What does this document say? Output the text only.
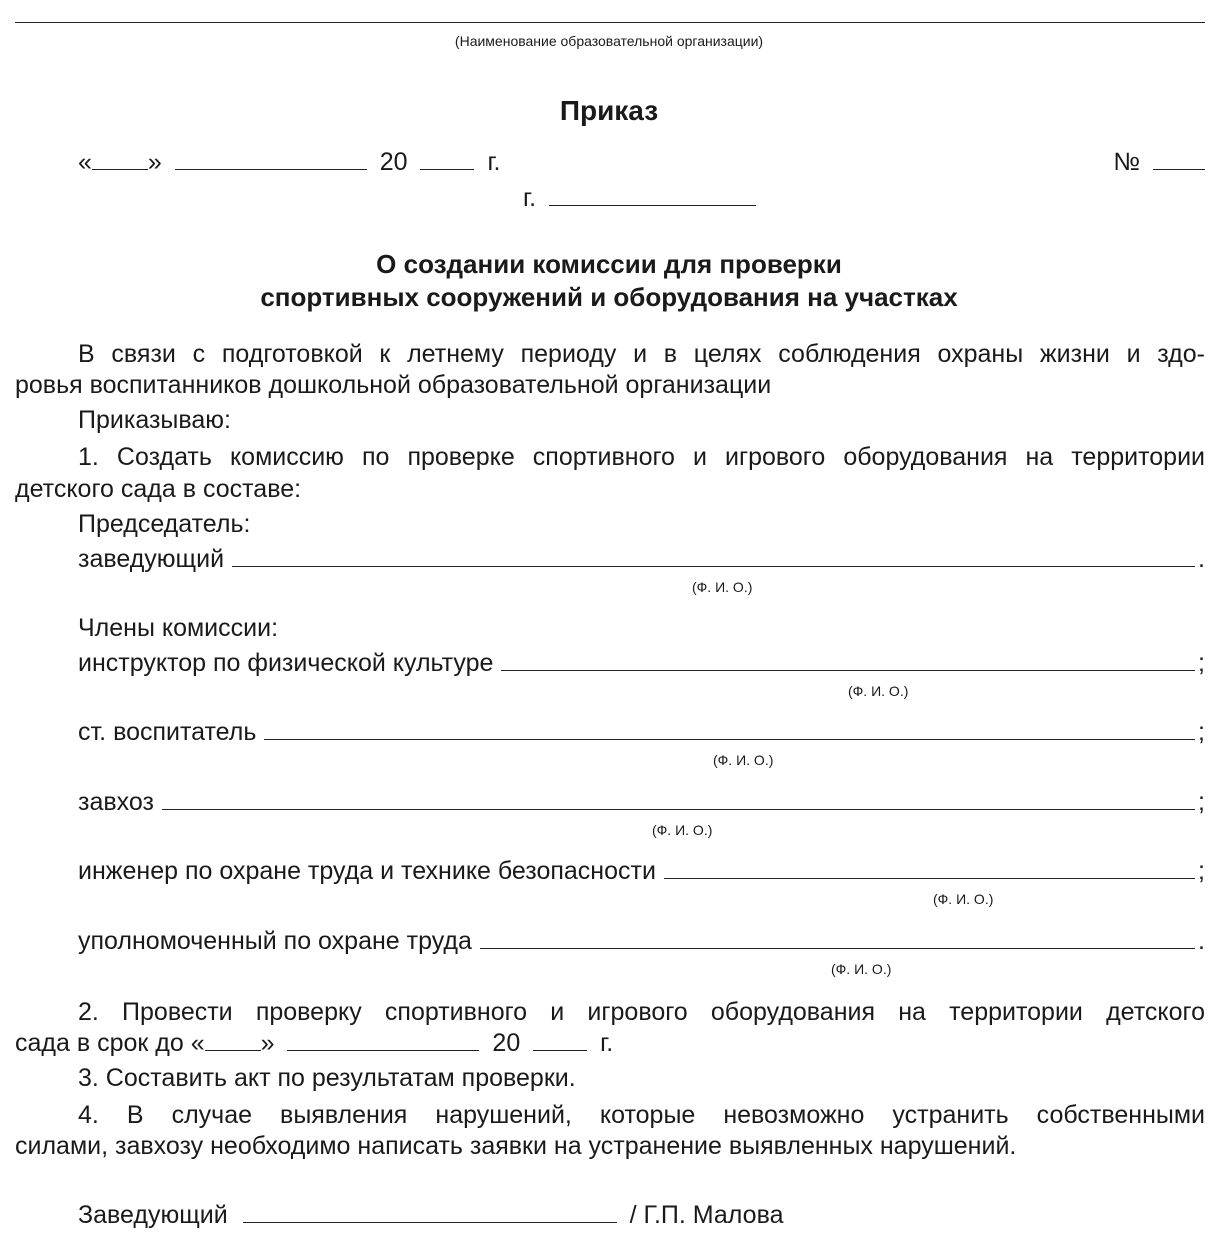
(Наименование образовательной организации)
Приказ
« »	20	г.	№
г.
О создании комиссии для проверки
спортивных сооружений и оборудования на участках
В связи с подготовкой к летнему периоду и в целях соблюдения охраны жизни и здо-
ровья воспитанников дошкольной образовательной организации
Приказываю:
1. Создать комиссию по проверке спортивного и игрового оборудования на территории
детского сада в составе:
Председатель:
заведующий	.
(Ф. И. О.)
Члены комиссии:
инструктор по физической культуре	;
(Ф. И. О.)
ст. воспитатель	;
(Ф. И. О.)
завхоз	;
(Ф. И. О.)
инженер по охране труда и технике безопасности	;
(Ф. И. О.)
уполномоченный по охране труда	.
(Ф. И. О.)
2. Провести проверку спортивного и игрового оборудования на территории детского
сада в срок до « »	20	г.
3. Составить акт по результатам проверки.
4. В случае выявления нарушений, которые невозможно устранить собственными
силами, завхозу необходимо написать заявки на устранение выявленных нарушений.
Заведующий	/ Г.П. Малова
